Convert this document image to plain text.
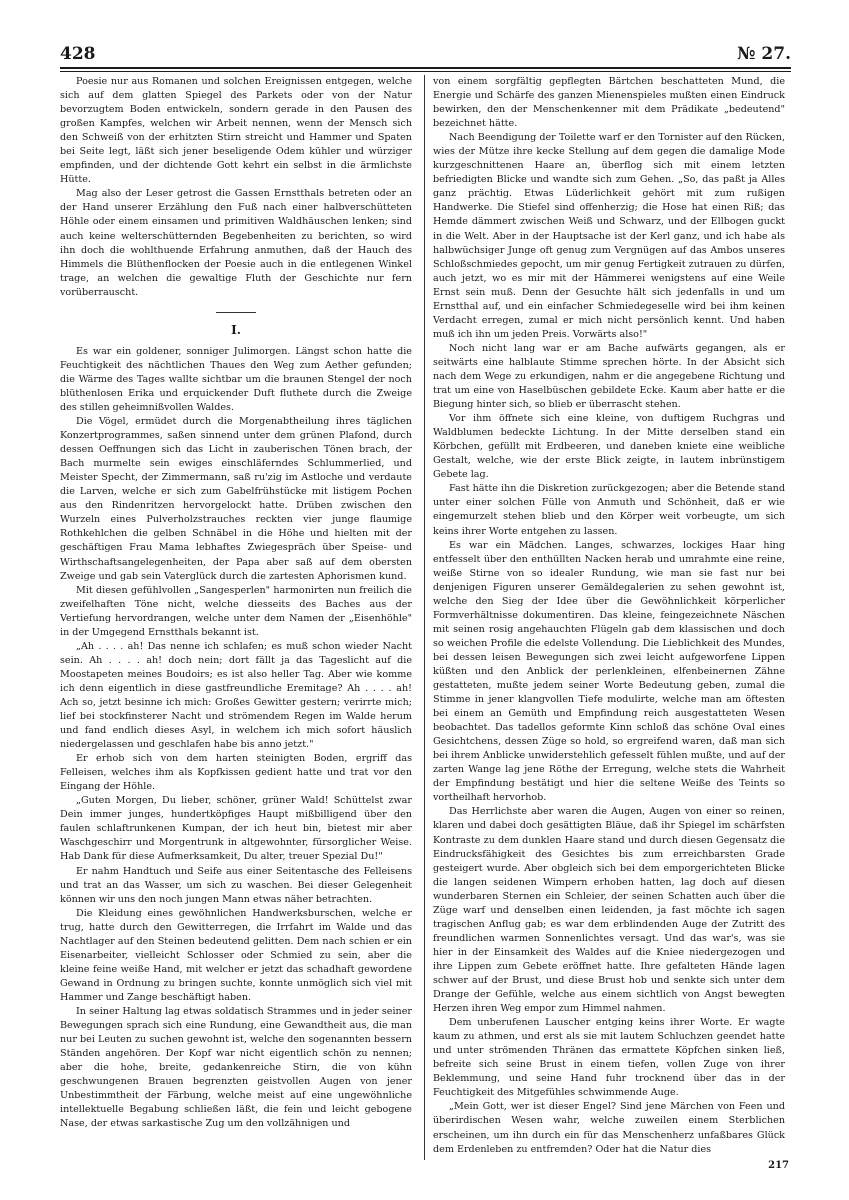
428	№ 27.

Poesie nur aus Romanen und solchen Ereignissen entgegen, welche sich auf dem glatten Spiegel des Parkets oder von der Natur bevorzugtem Boden entwickeln, sondern gerade in den Pausen des großen Kampfes, welchen wir Arbeit nennen, wenn der Mensch sich den Schweiß von der erhitzten Stirn streicht und Hammer und Spaten bei Seite legt, läßt sich jener beseligende Odem kühler und würziger empfinden, und der dichtende Gott kehrt ein selbst in die ärmlichste Hütte.

Mag also der Leser getrost die Gassen Ernstthals betreten oder an der Hand unserer Erzählung den Fuß nach einer halbverschütteten Höhle oder einem einsamen und primitiven Waldhäuschen lenken; sind auch keine welterschütternden Begebenheiten zu berichten, so wird ihn doch die wohlthuende Erfahrung anmuthen, daß der Hauch des Himmels die Blüthenflocken der Poesie auch in die entlegenen Winkel trage, an welchen die gewaltige Fluth der Geschichte nur fern vorüberrauscht.

I.

Es war ein goldener, sonniger Julimorgen. Längst schon hatte die Feuchtigkeit des nächtlichen Thaues den Weg zum Aether gefunden; die Wärme des Tages wallte sichtbar um die braunen Stengel der noch blüthenlosen Erika und erquickender Duft fluthete durch die Zweige des stillen geheimnißvollen Waldes.

Die Vögel, ermüdet durch die Morgenabtheilung ihres täglichen Konzertprogrammes, saßen sinnend unter dem grünen Plafond, durch dessen Oeffnungen sich das Licht in zauberischen Tönen brach, der Bach murmelte sein ewiges einschläferndes Schlummerlied, und Meister Specht, der Zimmermann, saß ru'zig im Astloche und verdaute die Larven, welche er sich zum Gabelfrühstücke mit listigem Pochen aus den Rindenritzen hervorgelockt hatte. Drüben zwischen den Wurzeln eines Pulverholzstrauches reckten vier junge flaumige Rothkehlchen die gelben Schnäbel in die Höhe und hielten mit der geschäftigen Frau Mama lebhaftes Zwiegespräch über Speise- und Wirthschaftsangelegenheiten, der Papa aber saß auf dem obersten Zweige und gab sein Vaterglück durch die zartesten Aphorismen kund.

Mit diesen gefühlvollen „Sangesperlen" harmonirten nun freilich die zweifelhaften Töne nicht, welche diesseits des Baches aus der Vertiefung hervordrangen, welche unter dem Namen der „Eisenhöhle" in der Umgegend Ernstthals bekannt ist.

„Ah . . . . ah! Das nenne ich schlafen; es muß schon wieder Nacht sein. Ah . . . . ah! doch nein; dort fällt ja das Tageslicht auf die Moostapeten meines Boudoirs; es ist also heller Tag. Aber wie komme ich denn eigentlich in diese gastfreundliche Eremitage? Ah . . . . ah! Ach so, jetzt besinne ich mich: Großes Gewitter gestern; verirrte mich; lief bei stockfinsterer Nacht und strömendem Regen im Walde herum und fand endlich dieses Asyl, in welchem ich mich sofort häuslich niedergelassen und geschlafen habe bis anno jetzt."

Er erhob sich von dem harten steinigten Boden, ergriff das Felleisen, welches ihm als Kopfkissen gedient hatte und trat vor den Eingang der Höhle.

„Guten Morgen, Du lieber, schöner, grüner Wald! Schüttelst zwar Dein immer junges, hundertköpfiges Haupt mißbilligend über den faulen schlaftrunkenen Kumpan, der ich heut bin, bietest mir aber Waschgeschirr und Morgentrunk in altgewohnter, fürsorglicher Weise. Hab Dank für diese Aufmerksamkeit, Du alter, treuer Spezial Du!"

Er nahm Handtuch und Seife aus einer Seitentasche des Felleisens und trat an das Wasser, um sich zu waschen. Bei dieser Gelegenheit können wir uns den noch jungen Mann etwas näher betrachten.

Die Kleidung eines gewöhnlichen Handwerksburschen, welche er trug, hatte durch den Gewitterregen, die Irrfahrt im Walde und das Nachtlager auf den Steinen bedeutend gelitten. Dem nach schien er ein Eisenarbeiter, vielleicht Schlosser oder Schmied zu sein, aber die kleine feine weiße Hand, mit welcher er jetzt das schadhaft gewordene Gewand in Ordnung zu bringen suchte, konnte unmöglich sich viel mit Hammer und Zange beschäftigt haben.

In seiner Haltung lag etwas soldatisch Strammes und in jeder seiner Bewegungen sprach sich eine Rundung, eine Gewandtheit aus, die man nur bei Leuten zu suchen gewohnt ist, welche den sogenannten bessern Ständen angehören. Der Kopf war nicht eigentlich schön zu nennen; aber die hohe, breite, gedankenreiche Stirn, die von kühn geschwungenen Brauen begrenzten geistvollen Augen von jener Unbestimmtheit der Färbung, welche meist auf eine ungewöhnliche intellektuelle Begabung schließen läßt, die fein und leicht gebogene Nase, der etwas sarkastische Zug um den vollzähnigen und

von einem sorgfältig gepflegten Bärtchen beschatteten Mund, die Energie und Schärfe des ganzen Mienenspieles mußten einen Eindruck bewirken, den der Menschenkenner mit dem Prädikate „bedeutend" bezeichnet hätte.

Nach Beendigung der Toilette warf er den Tornister auf den Rücken, wies der Mütze ihre kecke Stellung auf dem gegen die damalige Mode kurzgeschnittenen Haare an, überflog sich mit einem letzten befriedigten Blicke und wandte sich zum Gehen. „So, das paßt ja Alles ganz prächtig. Etwas Lüderlichkeit gehört mit zum rußigen Handwerke. Die Stiefel sind offenherzig; die Hose hat einen Riß; das Hemde dämmert zwischen Weiß und Schwarz, und der Ellbogen guckt in die Welt. Aber in der Hauptsache ist der Kerl ganz, und ich habe als halbwüchsiger Junge oft genug zum Vergnügen auf das Ambos unseres Schloßschmiedes gepocht, um mir genug Fertigkeit zutrauen zu dürfen, auch jetzt, wo es mir mit der Hämmerei wenigstens auf eine Weile Ernst sein muß. Denn der Gesuchte hält sich jedenfalls in und um Ernstthal auf, und ein einfacher Schmiedegeselle wird bei ihm keinen Verdacht erregen, zumal er mich nicht persönlich kennt. Und haben muß ich ihn um jeden Preis. Vorwärts also!"

Noch nicht lang war er am Bache aufwärts gegangen, als er seitwärts eine halblaute Stimme sprechen hörte. In der Absicht sich nach dem Wege zu erkundigen, nahm er die angegebene Richtung und trat um eine von Haselbüschen gebildete Ecke. Kaum aber hatte er die Biegung hinter sich, so blieb er überrascht stehen.

Vor ihm öffnete sich eine kleine, von duftigem Ruchgras und Waldblumen bedeckte Lichtung. In der Mitte derselben stand ein Körbchen, gefüllt mit Erdbeeren, und daneben kniete eine weibliche Gestalt, welche, wie der erste Blick zeigte, in lautem inbrünstigem Gebete lag.

Fast hätte ihn die Diskretion zurückgezogen; aber die Betende stand unter einer solchen Fülle von Anmuth und Schönheit, daß er wie eingemurzelt stehen blieb und den Körper weit vorbeugte, um sich keins ihrer Worte entgehen zu lassen.

Es war ein Mädchen. Langes, schwarzes, lockiges Haar hing entfesselt über den enthüllten Nacken herab und umrahmte eine reine, weiße Stirne von so idealer Rundung, wie man sie fast nur bei denjenigen Figuren unserer Gemäldegalerien zu sehen gewohnt ist, welche den Sieg der Idee über die Gewöhnlichkeit körperlicher Formverhältnisse dokumentiren. Das kleine, feingezeichnete Näschen mit seinen rosig angehauchten Flügeln gab dem klassischen und doch so weichen Profile die edelste Vollendung. Die Lieblichkeit des Mundes, bei dessen leisen Bewegungen sich zwei leicht aufgeworfene Lippen küßten und den Anblick der perlenkleinen, elfenbeinernen Zähne gestatteten, mußte jedem seiner Worte Bedeutung geben, zumal die Stimme in jener klangvollen Tiefe modulirte, welche man am öftesten bei einem an Gemüth und Empfindung reich ausgestatteten Wesen beobachtet. Das tadellos geformte Kinn schloß das schöne Oval eines Gesichtchens, dessen Züge so hold, so ergreifend waren, daß man sich bei ihrem Anblicke unwiderstehlich gefesselt fühlen mußte, und auf der zarten Wange lag jene Röthe der Erregung, welche stets die Wahrheit der Empfindung bestätigt und hier die seltene Weiße des Teints so vortheilhaft hervorhob.

Das Herrlichste aber waren die Augen, Augen von einer so reinen, klaren und dabei doch gesättigten Bläue, daß ihr Spiegel im schärfsten Kontraste zu dem dunklen Haare stand und durch diesen Gegensatz die Eindrucksfähigkeit des Gesichtes bis zum erreichbarsten Grade gesteigert wurde. Aber obgleich sich bei dem emporgerichteten Blicke die langen seidenen Wimpern erhoben hatten, lag doch auf diesen wunderbaren Sternen ein Schleier, der seinen Schatten auch über die Züge warf und denselben einen leidenden, ja fast möchte ich sagen tragischen Anflug gab; es war dem erblindenden Auge der Zutritt des freundlichen warmen Sonnenlichtes versagt. Und das war's, was sie hier in der Einsamkeit des Waldes auf die Kniee niedergezogen und ihre Lippen zum Gebete eröffnet hatte. Ihre gefalteten Hände lagen schwer auf der Brust, und diese Brust hob und senkte sich unter dem Drange der Gefühle, welche aus einem sichtlich von Angst bewegten Herzen ihren Weg empor zum Himmel nahmen.

Dem unberufenen Lauscher entging keins ihrer Worte. Er wagte kaum zu athmen, und erst als sie mit lautem Schluchzen geendet hatte und unter strömenden Thränen das ermattete Köpfchen sinken ließ, befreite sich seine Brust in einem tiefen, vollen Zuge von ihrer Beklemmung, und seine Hand fuhr trocknend über das in der Feuchtigkeit des Mitgefühles schwimmende Auge.

„Mein Gott, wer ist dieser Engel? Sind jene Märchen von Feen und überirdischen Wesen wahr, welche zuweilen einem Sterblichen erscheinen, um ihn durch ein für das Menschenherz unfaßbares Glück dem Erdenleben zu entfremden? Oder hat die Natur dies

217
